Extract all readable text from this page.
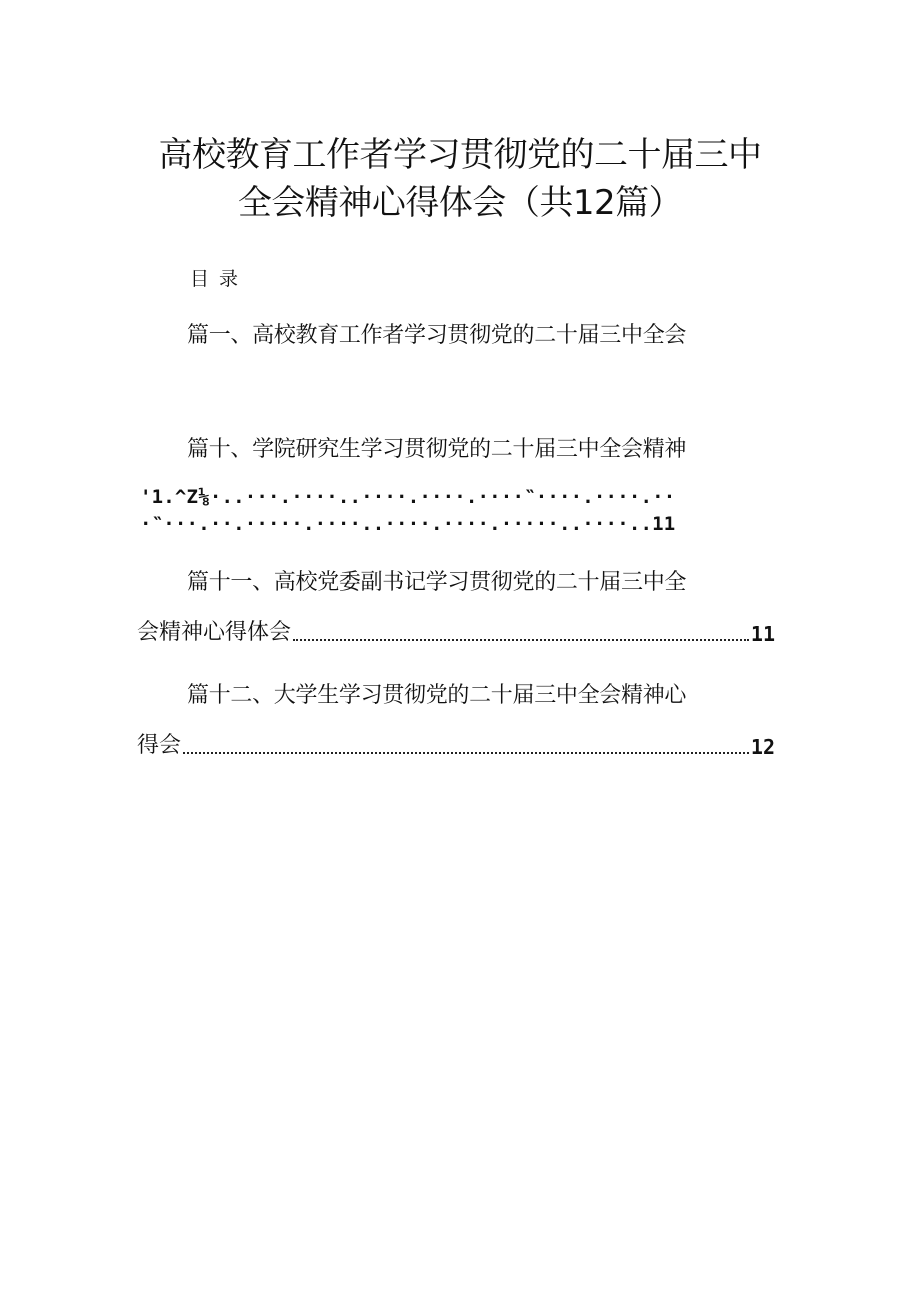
高校教育工作者学习贯彻党的二十届三中
全会精神心得体会（共12篇）
目 录
篇一、高校教育工作者学习贯彻党的二十届三中全会
篇十、学院研究生学习贯彻党的二十届三中全会精神
'1.^Z⅛·..···.····..····.····.····‶····.····.··
·‶···.··.·····.····..····.····.·····..····..11
篇十一、高校党委副书记学习贯彻党的二十届三中全
会精神心得体会	11
篇十二、大学生学习贯彻党的二十届三中全会精神心
得会	12
